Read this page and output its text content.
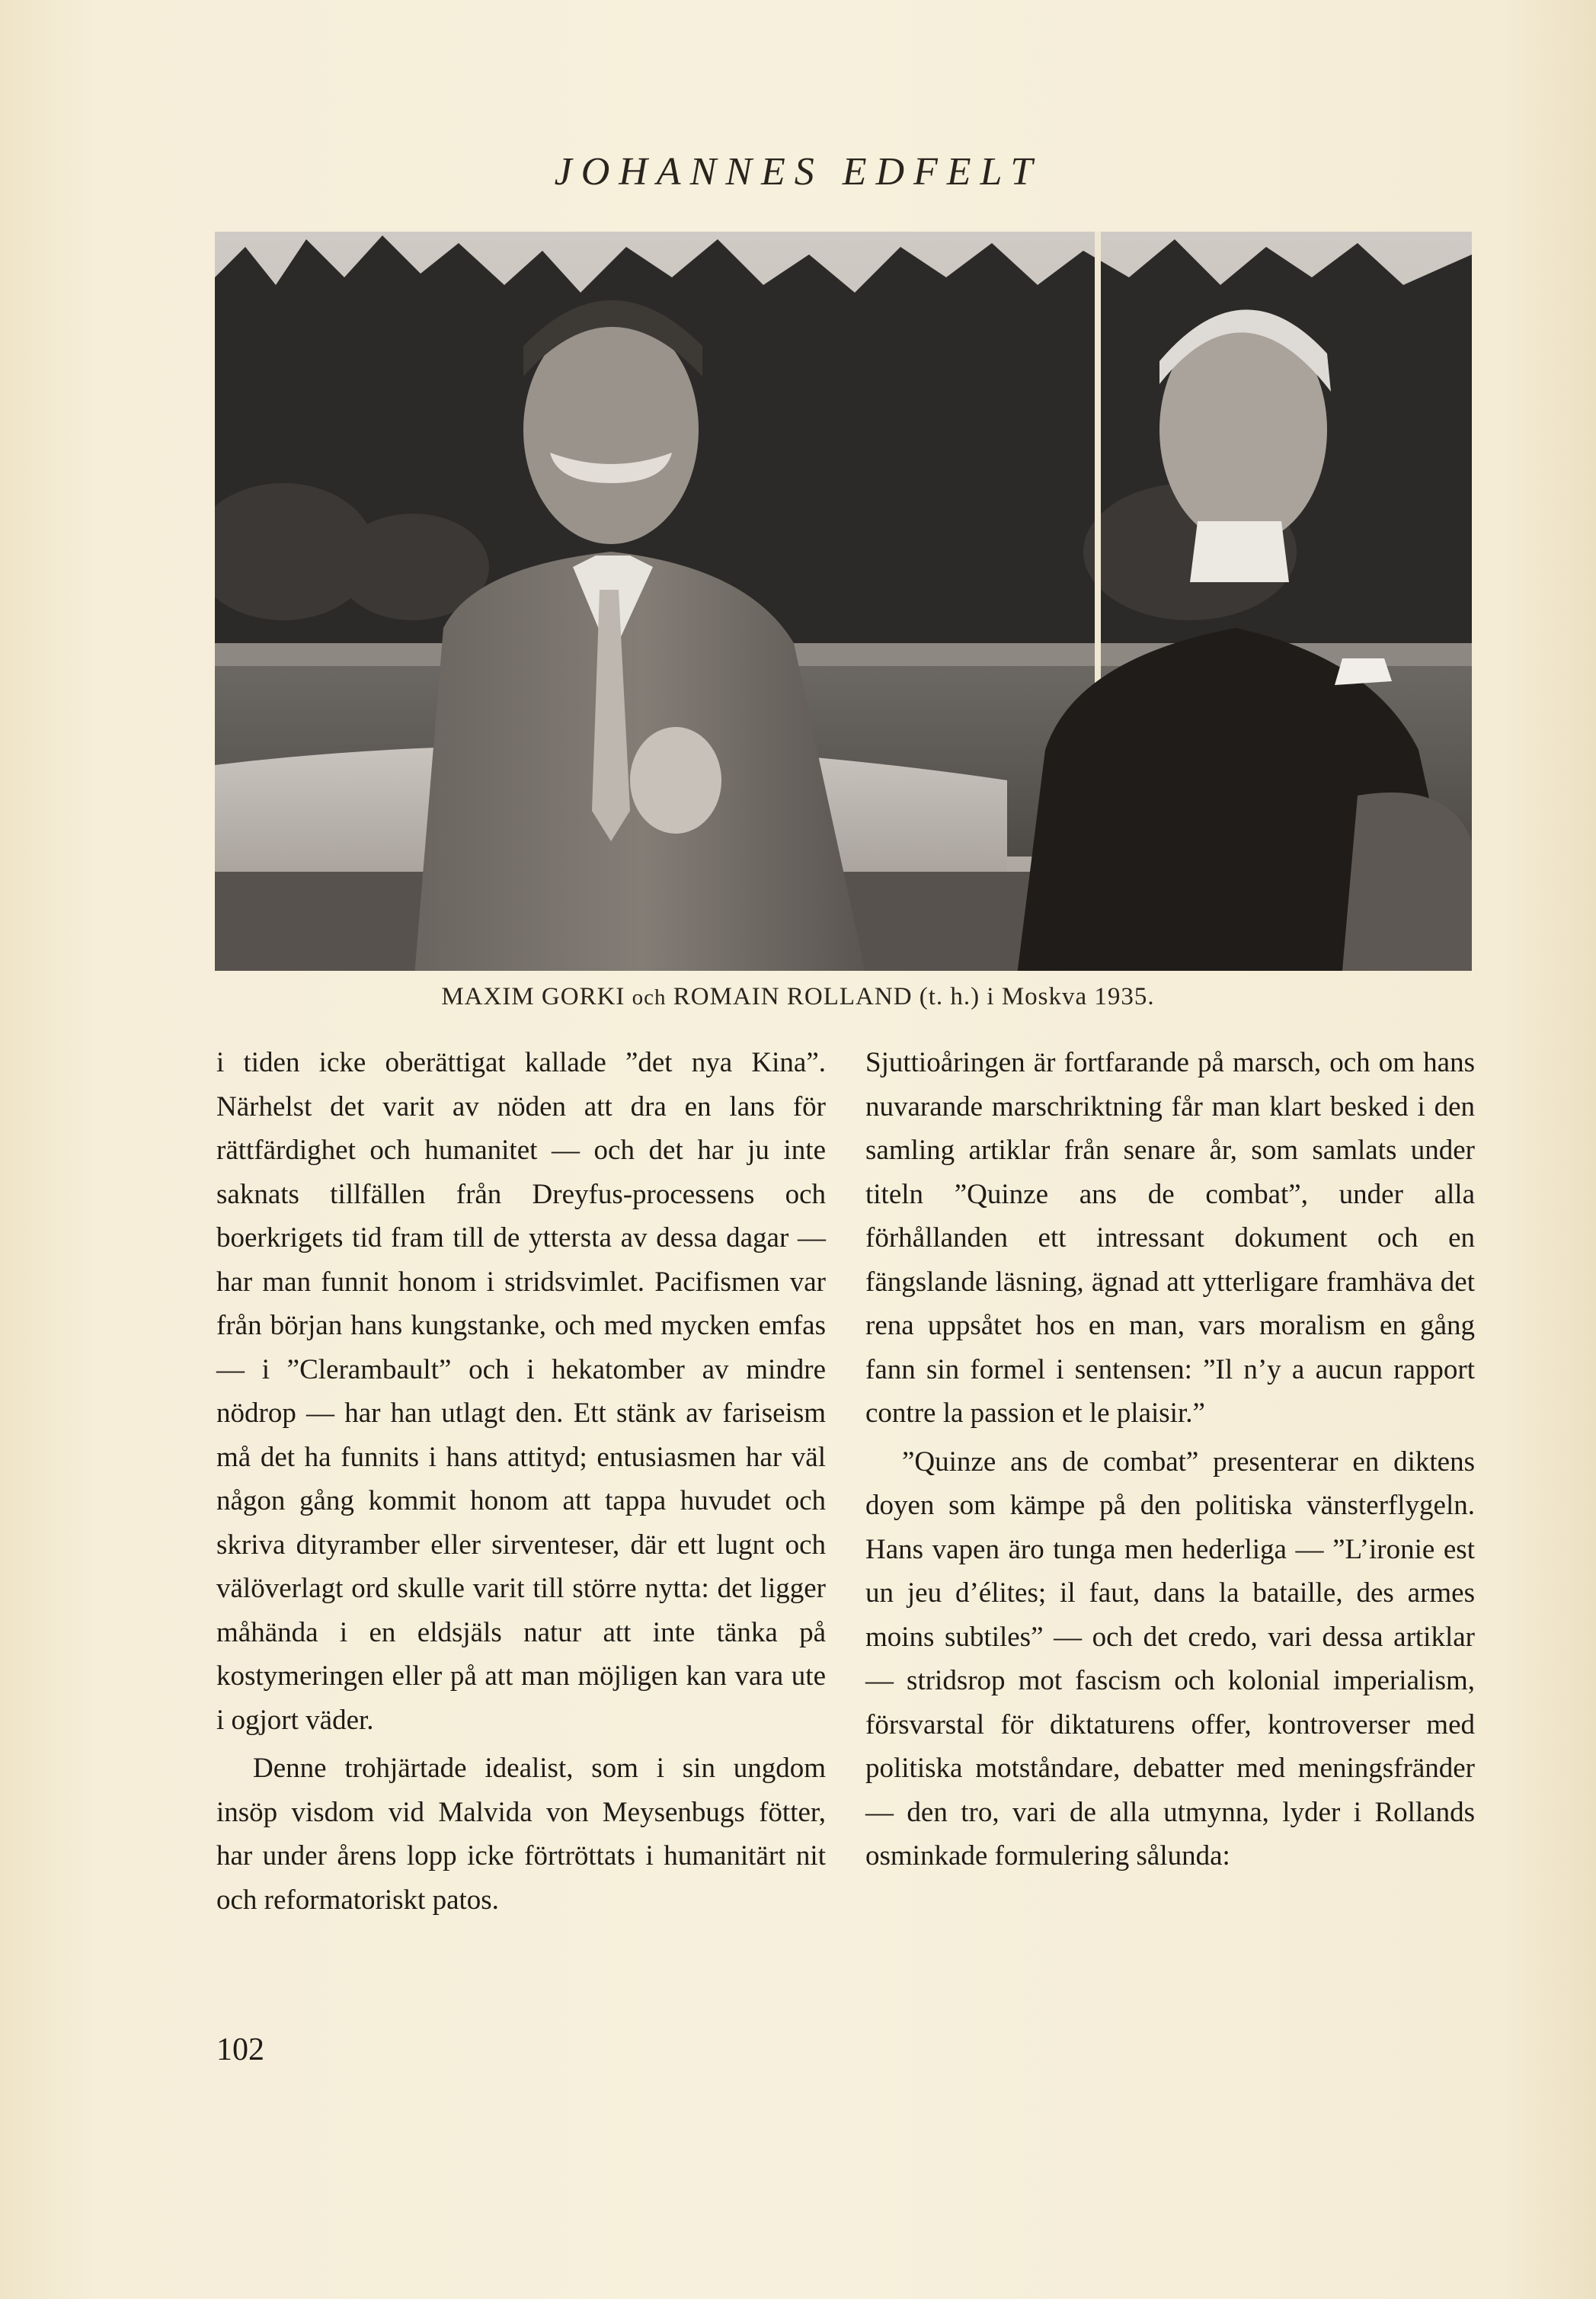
JOHANNES EDFELT
MAXIM GORKI och ROMAIN ROLLAND (t. h.) i Moskva 1935.

i tiden icke oberättigat kallade ”det nya Kina”. Närhelst det varit av nöden att dra en lans för rättfärdighet och humanitet — och det har ju inte saknats tillfällen från Dreyfus-processens och boerkrigets tid fram till de yttersta av dessa dagar — har man funnit honom i stridsvimlet. Pacifismen var från början hans kungstanke, och med mycken emfas — i ”Clerambault” och i hekatomber av mindre nödrop — har han utlagt den. Ett stänk av fariseism må det ha funnits i hans attityd; entusiasmen har väl någon gång kommit honom att tappa huvudet och skriva dityramber eller sirventeser, där ett lugnt och välöverlagt ord skulle varit till större nytta: det ligger måhända i en eldsjäls natur att inte tänka på kostymeringen eller på att man möjligen kan vara ute i ogjort väder.

Denne trohjärtade idealist, som i sin ungdom insöp visdom vid Malvida von Meysenbugs fötter, har under årens lopp icke förtröttats i humanitärt nit och reformatoriskt patos.

Sjuttioåringen är fortfarande på marsch, och om hans nuvarande marschriktning får man klart besked i den samling artiklar från senare år, som samlats under titeln ”Quinze ans de combat”, under alla förhållanden ett intressant dokument och en fängslande läsning, ägnad att ytterligare framhäva det rena uppsåtet hos en man, vars moralism en gång fann sin formel i sentensen: ”Il n’y a aucun rapport contre la passion et le plaisir.”

”Quinze ans de combat” presenterar en diktens doyen som kämpe på den politiska vänsterflygeln. Hans vapen äro tunga men hederliga — ”L’ironie est un jeu d’élites; il faut, dans la bataille, des armes moins subtiles” — och det credo, vari dessa artiklar — stridsrop mot fascism och kolonial imperialism, försvarstal för diktaturens offer, kontroverser med politiska motståndare, debatter med meningsfränder — den tro, vari de alla utmynna, lyder i Rollands osminkade formulering sålunda:

102
